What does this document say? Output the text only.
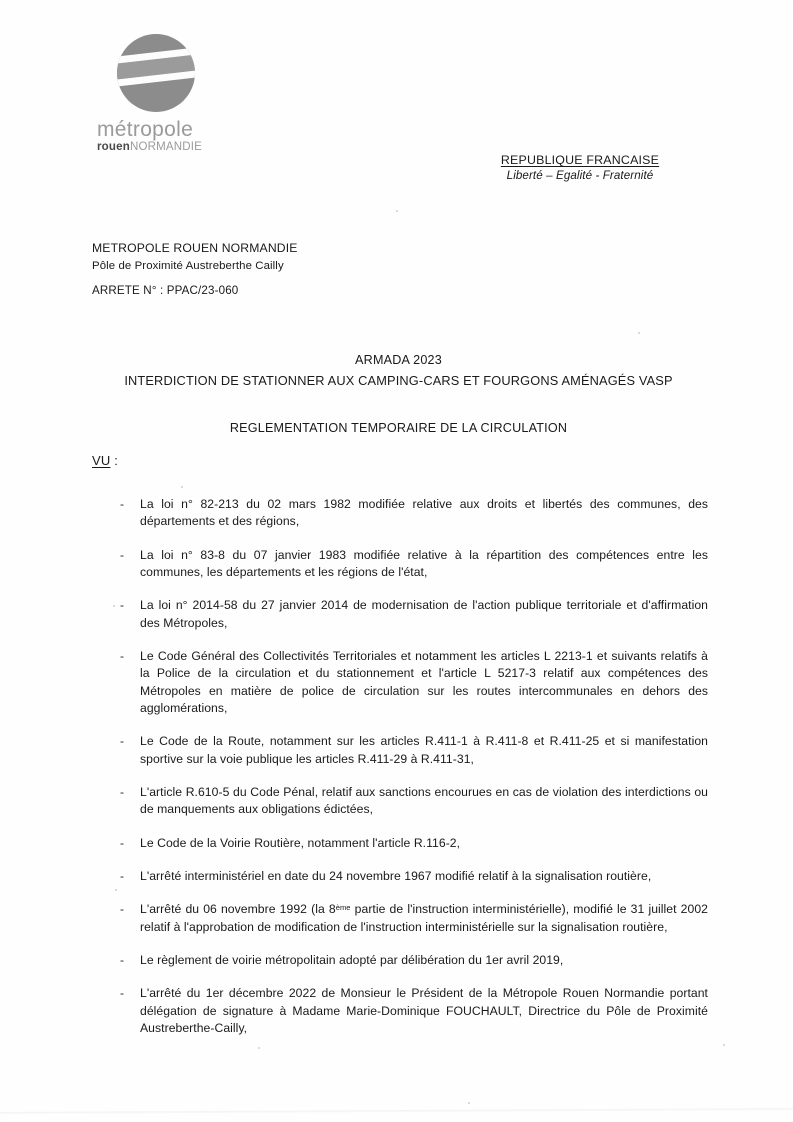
métropole
rouenNORMANDIE
REPUBLIQUE FRANCAISE
Liberté – Egalité - Fraternité
METROPOLE ROUEN NORMANDIE
Pôle de Proximité Austreberthe Cailly
ARRETE N° : PPAC/23-060
ARMADA 2023
INTERDICTION DE STATIONNER AUX CAMPING-CARS ET FOURGONS AMÉNAGÉS VASP
REGLEMENTATION TEMPORAIRE DE LA CIRCULATION
VU :
-	La loi n° 82-213 du 02 mars 1982 modifiée relative aux droits et libertés des communes, des départements et des régions,
-	La loi n° 83-8 du 07 janvier 1983 modifiée relative à la répartition des compétences entre les communes, les départements et les régions de l'état,
-	La loi n° 2014-58 du 27 janvier 2014 de modernisation de l'action publique territoriale et d'affirmation des Métropoles,
-	Le Code Général des Collectivités Territoriales et notamment les articles L 2213-1 et suivants relatifs à la Police de la circulation et du stationnement et l'article L 5217-3 relatif aux compétences des Métropoles en matière de police de circulation sur les routes intercommunales en dehors des agglomérations,
-	Le Code de la Route, notamment sur les articles R.411-1 à R.411-8 et R.411-25 et si manifestation sportive sur la voie publique les articles R.411-29 à R.411-31,
-	L'article R.610-5 du Code Pénal, relatif aux sanctions encourues en cas de violation des interdictions ou de manquements aux obligations édictées,
-	Le Code de la Voirie Routière, notamment l'article R.116-2,
-	L'arrêté interministériel en date du 24 novembre 1967 modifié relatif à la signalisation routière,
-	L'arrêté du 06 novembre 1992 (la 8ème partie de l'instruction interministérielle), modifié le 31 juillet 2002 relatif à l'approbation de modification de l'instruction interministérielle sur la signalisation routière,
-	Le règlement de voirie métropolitain adopté par délibération du 1er avril 2019,
-	L'arrêté du 1er décembre 2022 de Monsieur le Président de la Métropole Rouen Normandie portant délégation de signature à Madame Marie-Dominique FOUCHAULT, Directrice du Pôle de Proximité Austreberthe-Cailly,
